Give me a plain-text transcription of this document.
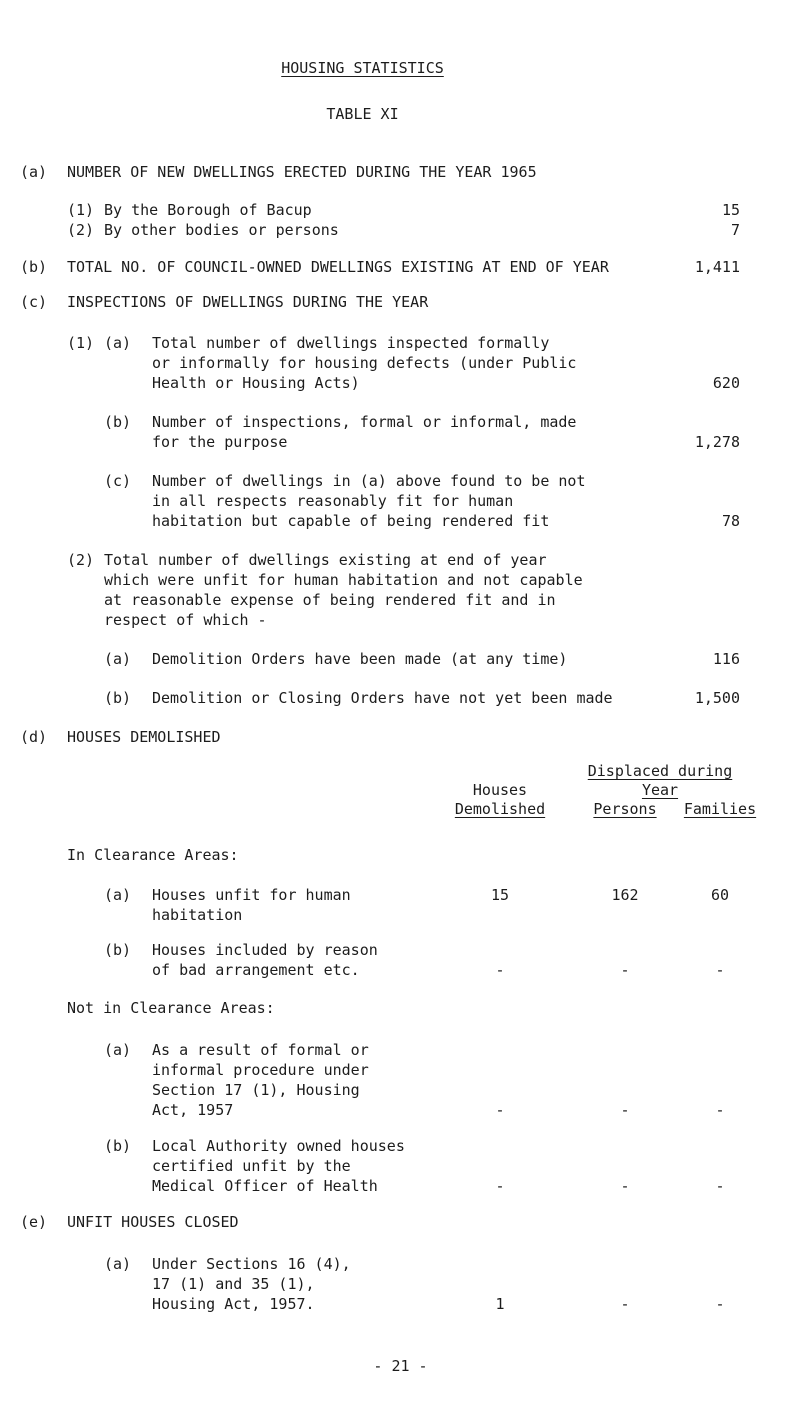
HOUSING STATISTICS
TABLE XI
(a) NUMBER OF NEW DWELLINGS ERECTED DURING THE YEAR 1965
(1) By the Borough of Bacup	15
(2) By other bodies or persons	7
(b) TOTAL NO. OF COUNCIL-OWNED DWELLINGS EXISTING AT END OF YEAR	1,411
(c) INSPECTIONS OF DWELLINGS DURING THE YEAR
(1) (a) Total number of dwellings inspected formally
or informally for housing defects (under Public
Health or Housing Acts)	620
(b) Number of inspections, formal or informal, made
for the purpose	1,278
(c) Number of dwellings in (a) above found to be not
in all respects reasonably fit for human
habitation but capable of being rendered fit	78
(2) Total number of dwellings existing at end of year
which were unfit for human habitation and not capable
at reasonable expense of being rendered fit and in
respect of which -
(a) Demolition Orders have been made (at any time)	116
(b) Demolition or Closing Orders have not yet been made	1,500
(d) HOUSES DEMOLISHED
Displaced during
Year
Houses
Demolished	Persons	Families
In Clearance Areas:
(a) Houses unfit for human
habitation
15	162	60
(b) Houses included by reason
of bad arrangement etc.	-	-	-
Not in Clearance Areas:
(a) As a result of formal or
informal procedure under
Section 17 (1), Housing
Act, 1957	-	-	-
(b) Local Authority owned houses
certified unfit by the
Medical Officer of Health	-	-	-
(e) UNFIT HOUSES CLOSED
(a) Under Sections 16 (4),
17 (1) and 35 (1),
Housing Act, 1957.	1	-	-
- 21 -
